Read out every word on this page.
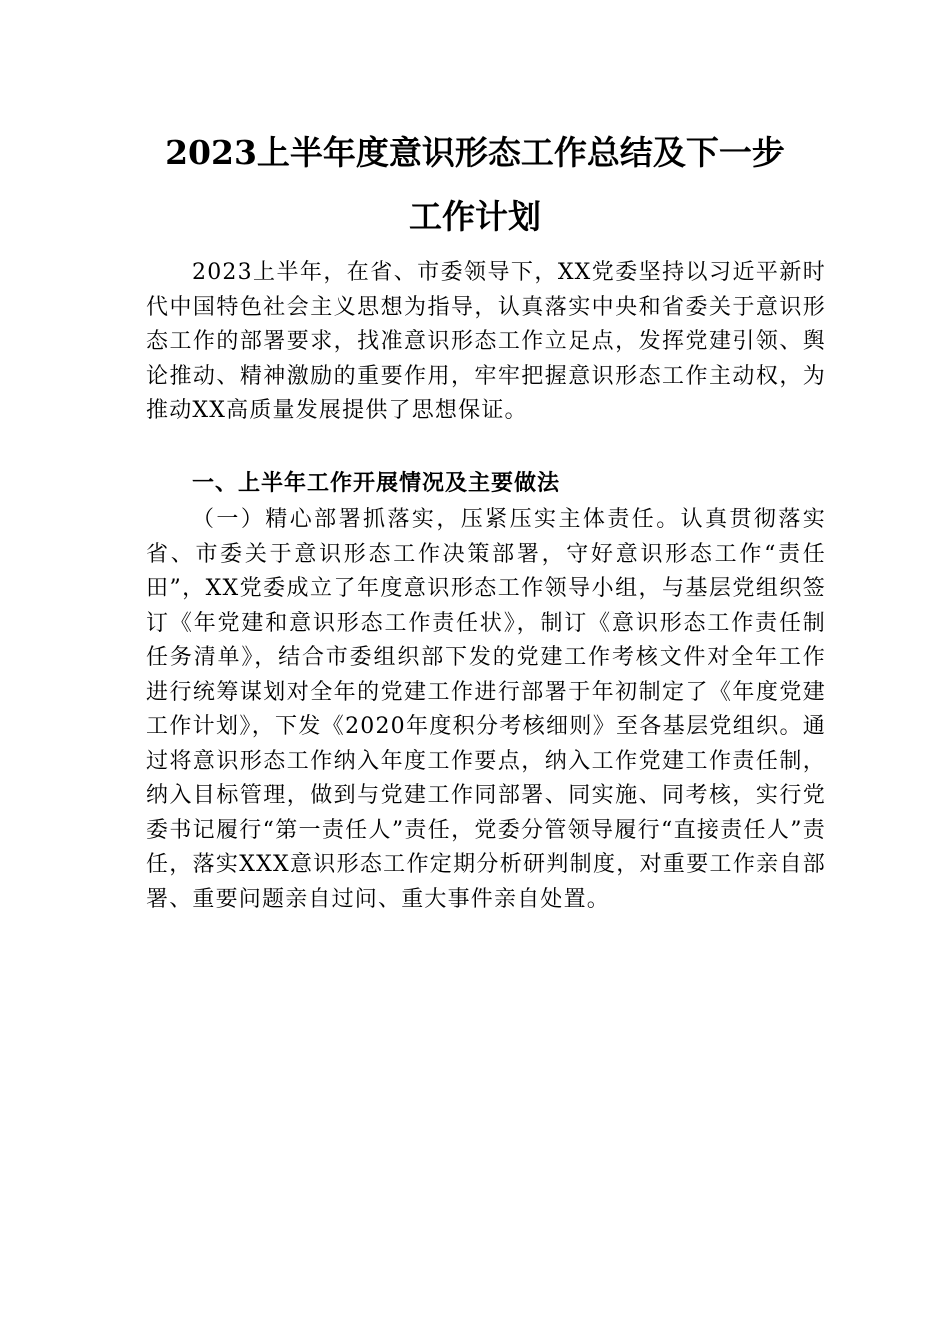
2023上半年度意识形态工作总结及下一步
工作计划

2023上半年，在省、市委领导下，XX党委坚持以习近平新时代中国特色社会主义思想为指导，认真落实中央和省委关于意识形态工作的部署要求，找准意识形态工作立足点，发挥党建引领、舆论推动、精神激励的重要作用，牢牢把握意识形态工作主动权，为推动XX高质量发展提供了思想保证。

一、上半年工作开展情况及主要做法

（一）精心部署抓落实，压紧压实主体责任。认真贯彻落实省、市委关于意识形态工作决策部署，守好意识形态工作“责任田”，XX党委成立了年度意识形态工作领导小组，与基层党组织签订《年党建和意识形态工作责任状》，制订《意识形态工作责任制任务清单》，结合市委组织部下发的党建工作考核文件对全年工作进行统筹谋划对全年的党建工作进行部署于年初制定了《年度党建工作计划》，下发《2020年度积分考核细则》至各基层党组织。通过将意识形态工作纳入年度工作要点，纳入工作党建工作责任制，纳入目标管理，做到与党建工作同部署、同实施、同考核，实行党委书记履行“第一责任人”责任，党委分管领导履行“直接责任人”责任，落实XXX意识形态工作定期分析研判制度，对重要工作亲自部署、重要问题亲自过问、重大事件亲自处置。
